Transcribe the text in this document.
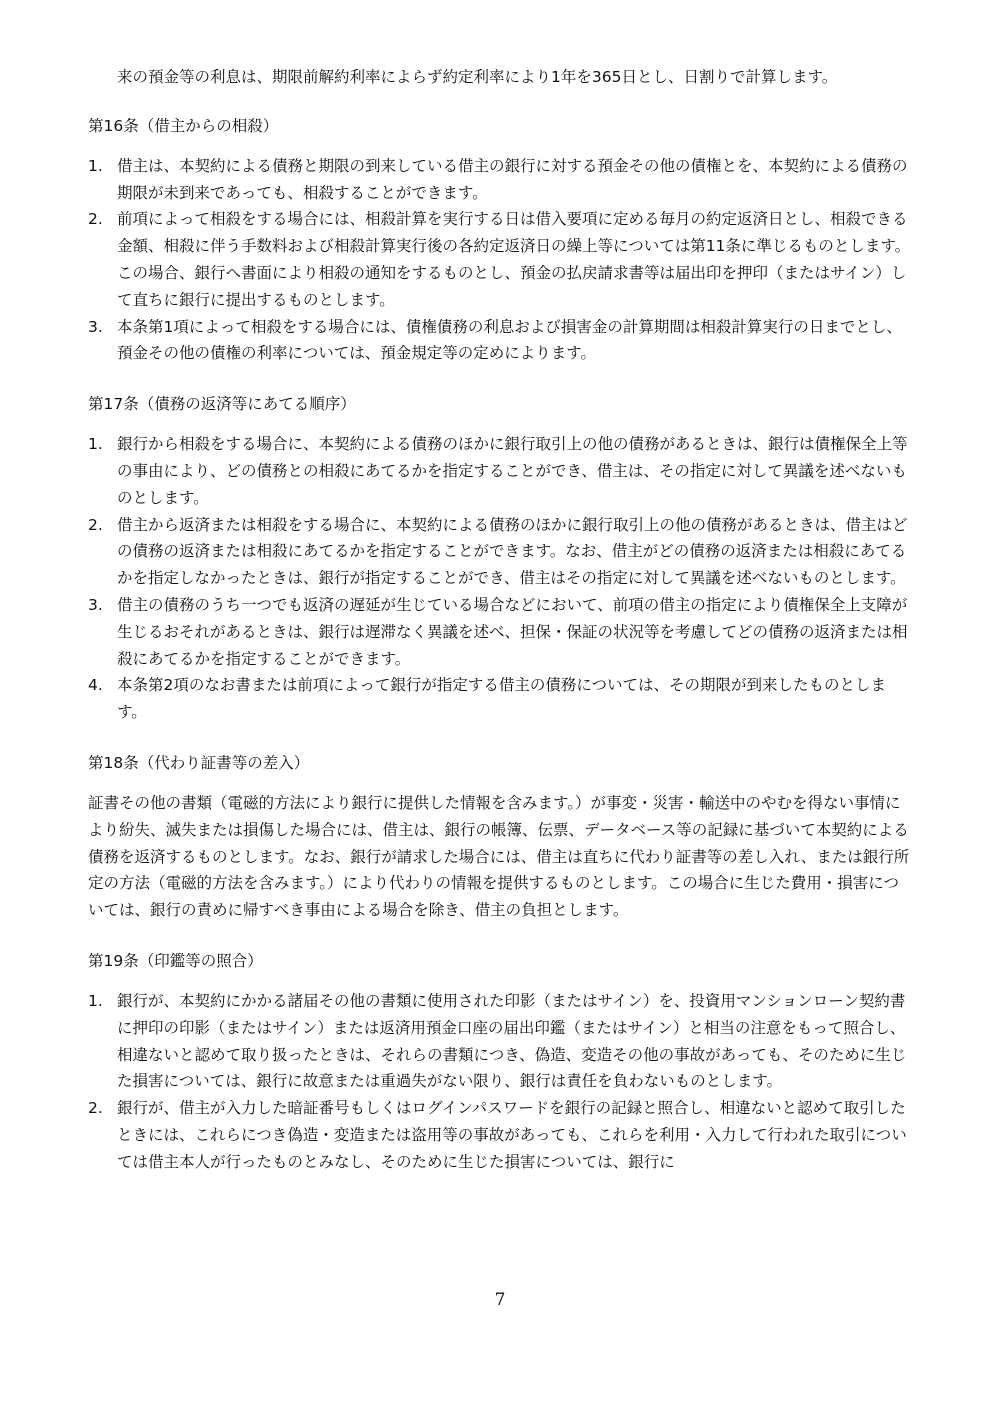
来の預金等の利息は、期限前解約利率によらず約定利率により1年を365日とし、日割りで計算します。

第16条（借主からの相殺）
1. 借主は、本契約による債務と期限の到来している借主の銀行に対する預金その他の債権とを、本契約による債務の期限が未到来であっても、相殺することができます。
2. 前項によって相殺をする場合には、相殺計算を実行する日は借入要項に定める毎月の約定返済日とし、相殺できる金額、相殺に伴う手数料および相殺計算実行後の各約定返済日の繰上等については第11条に準じるものとします。この場合、銀行へ書面により相殺の通知をするものとし、預金の払戻請求書等は届出印を押印（またはサイン）して直ちに銀行に提出するものとします。
3. 本条第1項によって相殺をする場合には、債権債務の利息および損害金の計算期間は相殺計算実行の日までとし、預金その他の債権の利率については、預金規定等の定めによります。
第17条（債務の返済等にあてる順序）
1. 銀行から相殺をする場合に、本契約による債務のほかに銀行取引上の他の債務があるときは、銀行は債権保全上等の事由により、どの債務との相殺にあてるかを指定することができ、借主は、その指定に対して異議を述べないものとします。
2. 借主から返済または相殺をする場合に、本契約による債務のほかに銀行取引上の他の債務があるときは、借主はどの債務の返済または相殺にあてるかを指定することができます。なお、借主がどの債務の返済または相殺にあてるかを指定しなかったときは、銀行が指定することができ、借主はその指定に対して異議を述べないものとします。
3. 借主の債務のうち一つでも返済の遅延が生じている場合などにおいて、前項の借主の指定により債権保全上支障が生じるおそれがあるときは、銀行は遅滞なく異議を述べ、担保・保証の状況等を考慮してどの債務の返済または相殺にあてるかを指定することができます。
4. 本条第2項のなお書または前項によって銀行が指定する借主の債務については、その期限が到来したものとします。
第18条（代わり証書等の差入）

証書その他の書類（電磁的方法により銀行に提供した情報を含みます。）が事変・災害・輸送中のやむを得ない事情により紛失、滅失または損傷した場合には、借主は、銀行の帳簿、伝票、データベース等の記録に基づいて本契約による債務を返済するものとします。なお、銀行が請求した場合には、借主は直ちに代わり証書等の差し入れ、または銀行所定の方法（電磁的方法を含みます。）により代わりの情報を提供するものとします。この場合に生じた費用・損害については、銀行の責めに帰すべき事由による場合を除き、借主の負担とします。

第19条（印鑑等の照合）
1. 銀行が、本契約にかかる諸届その他の書類に使用された印影（またはサイン）を、投資用マンションローン契約書に押印の印影（またはサイン）または返済用預金口座の届出印鑑（またはサイン）と相当の注意をもって照合し、相違ないと認めて取り扱ったときは、それらの書類につき、偽造、変造その他の事故があっても、そのために生じた損害については、銀行に故意または重過失がない限り、銀行は責任を負わないものとします。
2. 銀行が、借主が入力した暗証番号もしくはログインパスワードを銀行の記録と照合し、相違ないと認めて取引したときには、これらにつき偽造・変造または盗用等の事故があっても、これらを利用・入力して行われた取引については借主本人が行ったものとみなし、そのために生じた損害については、銀行に
7
